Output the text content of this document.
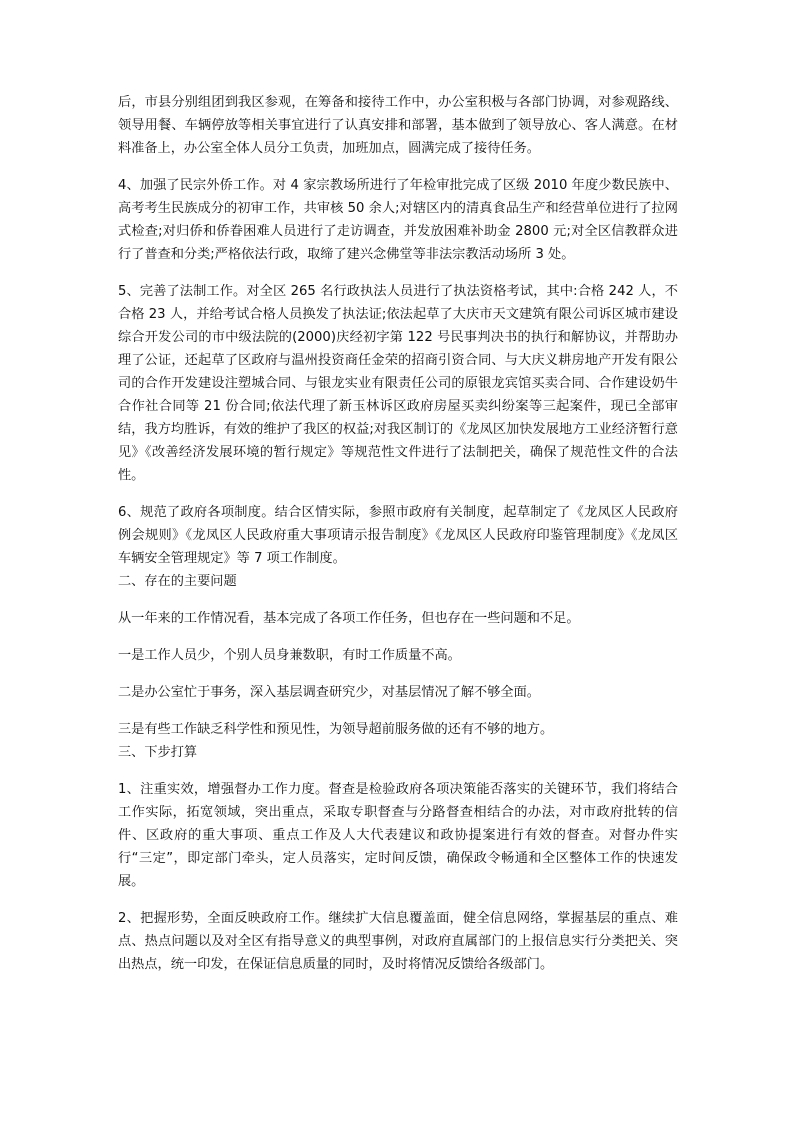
后，市县分别组团到我区参观，在筹备和接待工作中，办公室积极与各部门协调，对参观路线、领导用餐、车辆停放等相关事宜进行了认真安排和部署，基本做到了领导放心、客人满意。在材料准备上，办公室全体人员分工负责，加班加点，圆满完成了接待任务。

4、加强了民宗外侨工作。对 4 家宗教场所进行了年检审批完成了区级 2010 年度少数民族中、高考考生民族成分的初审工作，共审核 50 余人;对辖区内的清真食品生产和经营单位进行了拉网式检查;对归侨和侨眷困难人员进行了走访调查，并发放困难补助金 2800 元;对全区信教群众进行了普查和分类;严格依法行政，取缔了建兴念佛堂等非法宗教活动场所 3 处。

5、完善了法制工作。对全区 265 名行政执法人员进行了执法资格考试，其中:合格 242 人，不合格 23 人，并给考试合格人员换发了执法证;依法起草了大庆市天文建筑有限公司诉区城市建设综合开发公司的市中级法院的(2000)庆经初字第 122 号民事判决书的执行和解协议，并帮助办理了公证，还起草了区政府与温州投资商任金荣的招商引资合同、与大庆义耕房地产开发有限公司的合作开发建设注塑城合同、与银龙实业有限责任公司的原银龙宾馆买卖合同、合作建设奶牛合作社合同等 21 份合同;依法代理了新玉林诉区政府房屋买卖纠纷案等三起案件，现已全部审结，我方均胜诉，有效的维护了我区的权益;对我区制订的《龙凤区加快发展地方工业经济暂行意见》《改善经济发展环境的暂行规定》等规范性文件进行了法制把关，确保了规范性文件的合法性。

6、规范了政府各项制度。结合区情实际，参照市政府有关制度，起草制定了《龙凤区人民政府例会规则》《龙凤区人民政府重大事项请示报告制度》《龙凤区人民政府印鉴管理制度》《龙凤区车辆安全管理规定》等 7 项工作制度。

二、存在的主要问题

从一年来的工作情况看，基本完成了各项工作任务，但也存在一些问题和不足。

一是工作人员少，个别人员身兼数职，有时工作质量不高。

二是办公室忙于事务，深入基层调查研究少，对基层情况了解不够全面。

三是有些工作缺乏科学性和预见性，为领导超前服务做的还有不够的地方。

三、下步打算

1、注重实效，增强督办工作力度。督查是检验政府各项决策能否落实的关键环节，我们将结合工作实际，拓宽领域，突出重点，采取专职督查与分路督查相结合的办法，对市政府批转的信件、区政府的重大事项、重点工作及人大代表建议和政协提案进行有效的督查。对督办件实行“三定”，即定部门牵头，定人员落实，定时间反馈，确保政令畅通和全区整体工作的快速发展。

2、把握形势，全面反映政府工作。继续扩大信息覆盖面，健全信息网络，掌握基层的重点、难点、热点问题以及对全区有指导意义的典型事例，对政府直属部门的上报信息实行分类把关、突出热点，统一印发，在保证信息质量的同时，及时将情况反馈给各级部门。
